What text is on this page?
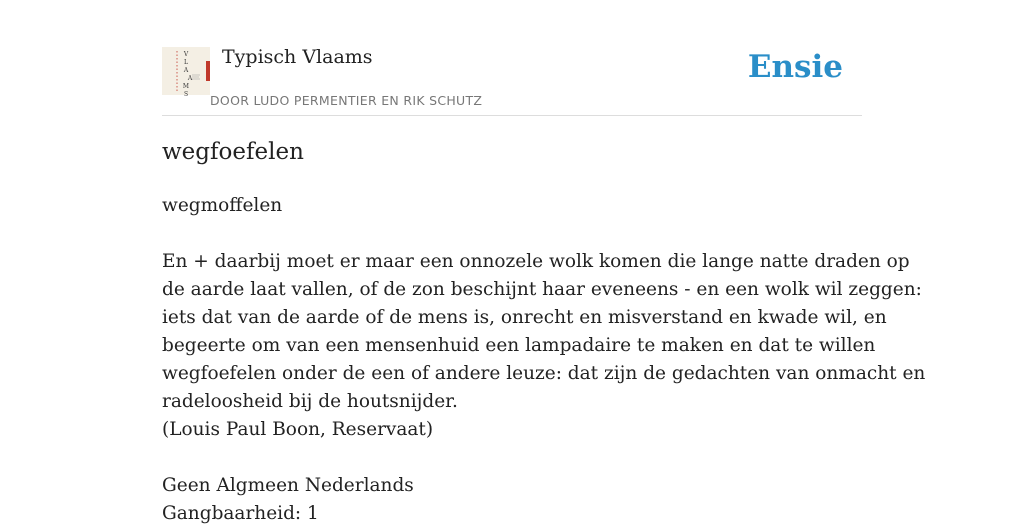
V
L
A
A
M
S
Typisch Vlaams
DOOR LUDO PERMENTIER EN RIK SCHUTZ
Ensie
wegfoefelen

wegmoffelen

En + daarbij moet er maar een onnozele wolk komen die lange natte draden op
de aarde laat vallen, of de zon beschijnt haar eveneens - en een wolk wil zeggen:
iets dat van de aarde of de mens is, onrecht en misverstand en kwade wil, en
begeerte om van een mensenhuid een lampadaire te maken en dat te willen
wegfoefelen onder de een of andere leuze: dat zijn de gedachten van onmacht en
radeloosheid bij de houtsnijder.
(Louis Paul Boon, Reservaat)

Geen Algmeen Nederlands

Gangbaarheid: 1
